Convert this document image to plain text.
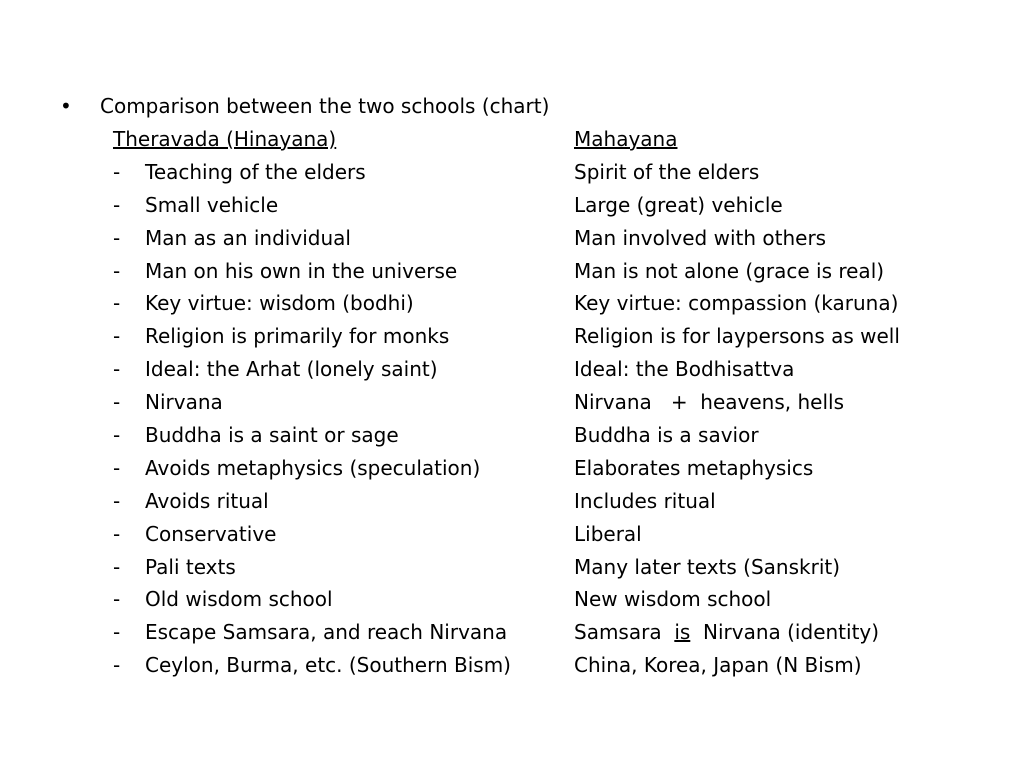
• Comparison between the two schools (chart)
Theravada (Hinayana)	Mahayana
- Teaching of the elders	Spirit of the elders
- Small vehicle	Large (great) vehicle
- Man as an individual	Man involved with others
- Man on his own in the universe	Man is not alone (grace is real)
- Key virtue: wisdom (bodhi)	Key virtue: compassion (karuna)
- Religion is primarily for monks	Religion is for laypersons as well
- Ideal: the Arhat (lonely saint)	Ideal: the Bodhisattva
- Nirvana	Nirvana   +  heavens, hells
- Buddha is a saint or sage	Buddha is a savior
- Avoids metaphysics (speculation)	Elaborates metaphysics
- Avoids ritual	Includes ritual
- Conservative	Liberal
- Pali texts	Many later texts (Sanskrit)
- Old wisdom school	New wisdom school
- Escape Samsara, and reach Nirvana	Samsara  is  Nirvana (identity)
- Ceylon, Burma, etc. (Southern Bism)	China, Korea, Japan (N Bism)
